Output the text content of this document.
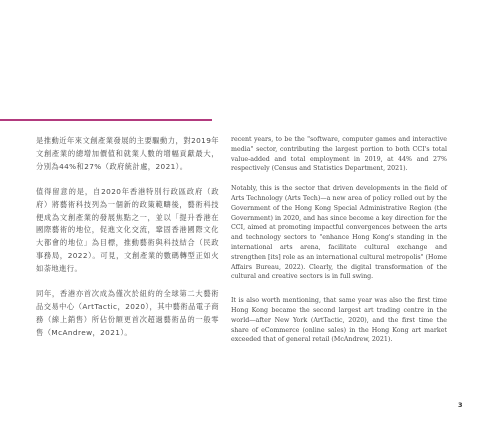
是推動近年來文創產業發展的主要驅動力，對2019年文創產業的總增加價值和就業人數的增幅貢獻最大，分別為44%和27%（政府統計處，2021）。

值得留意的是，自2020年香港特別行政區政府（政府）將藝術科技列為一個新的政策範疇後，藝術科技便成為文創產業的發展焦點之一，並以「提升香港在國際藝術的地位，促進文化交流，鞏固香港國際文化大都會的地位」為目標，推動藝術與科技結合（民政事務局，2022）。可見，文創產業的數碼轉型正如火如荼地進行。

同年，香港亦首次成為僅次於紐約的全球第二大藝術品交易中心（ArtTactic，2020），其中藝術品電子商務（線上銷售）所佔份額更首次超過藝術品的一般零售（McAndrew，2021）。

recent years, to be the "software, computer games and interactive media" sector, contributing the largest portion to both CCI's total value-added and total employment in 2019, at 44% and 27% respectively (Census and Statistics Department, 2021).

Notably, this is the sector that driven developments in the field of Arts Technology (Arts Tech)—a new area of policy rolled out by the Government of the Hong Kong Special Administrative Region (the Government) in 2020, and has since become a key direction for the CCI, aimed at promoting impactful convergences between the arts and technology sectors to "enhance Hong Kong's standing in the international arts arena, facilitate cultural exchange and strengthen [its] role as an international cultural metropolis" (Home Affairs Bureau, 2022). Clearly, the digital transformation of the cultural and creative sectors is in full swing.

It is also worth mentioning, that same year was also the first time Hong Kong became the second largest art trading centre in the world—after New York (ArtTactic, 2020), and the first time the share of eCommerce (online sales) in the Hong Kong art market exceeded that of general retail (McAndrew, 2021).

3
